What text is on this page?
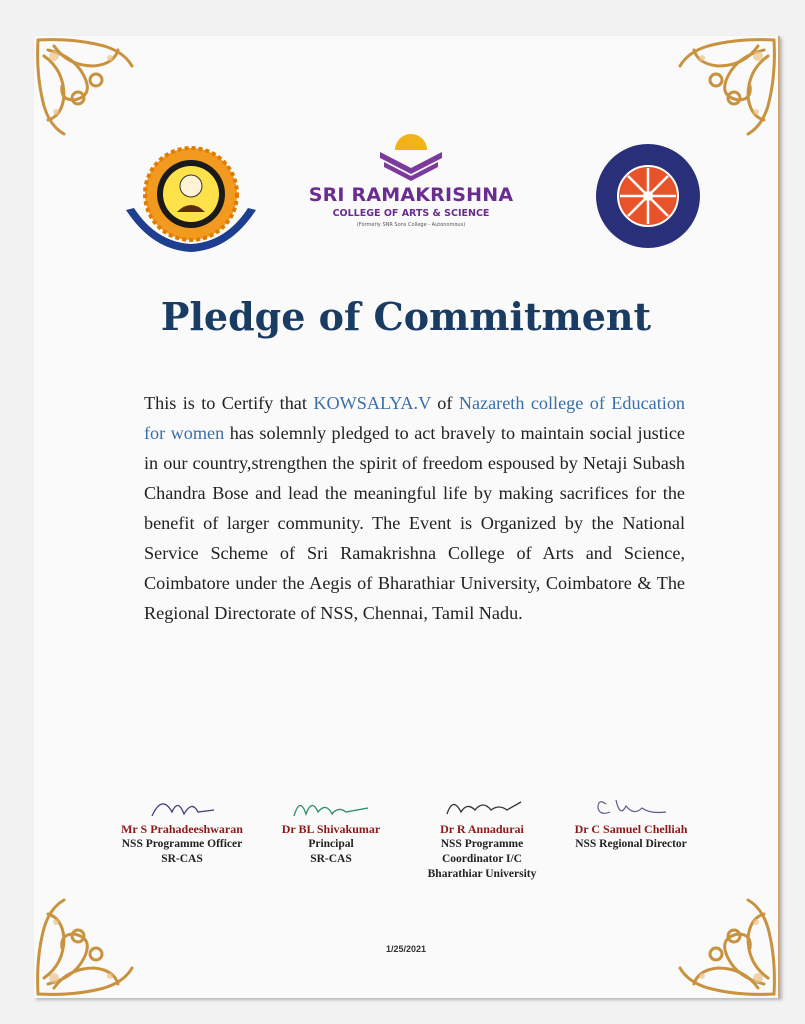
SRI RAMAKRISHNA
COLLEGE OF ARTS & SCIENCE
(Formerly SNR Sons College - Autonomous)
Pledge of Commitment
This is to Certify that KOWSALYA.V of Nazareth college of Education for women has solemnly pledged to act bravely to maintain social justice in our country,strengthen the spirit of freedom espoused by Netaji Subash Chandra Bose and lead the meaningful life by making sacrifices for the benefit of larger community. The Event is Organized by the National Service Scheme of Sri Ramakrishna College of Arts and Science, Coimbatore under the Aegis of Bharathiar University, Coimbatore & The Regional Directorate of NSS, Chennai, Tamil Nadu.
Mr S Prahadeeshwaran
NSS Programme Officer
SR-CAS
Dr BL Shivakumar
Principal
SR-CAS
Dr R Annadurai
NSS Programme
Coordinator I/C
Bharathiar University
Dr C Samuel Chelliah
NSS Regional Director
1/25/2021
